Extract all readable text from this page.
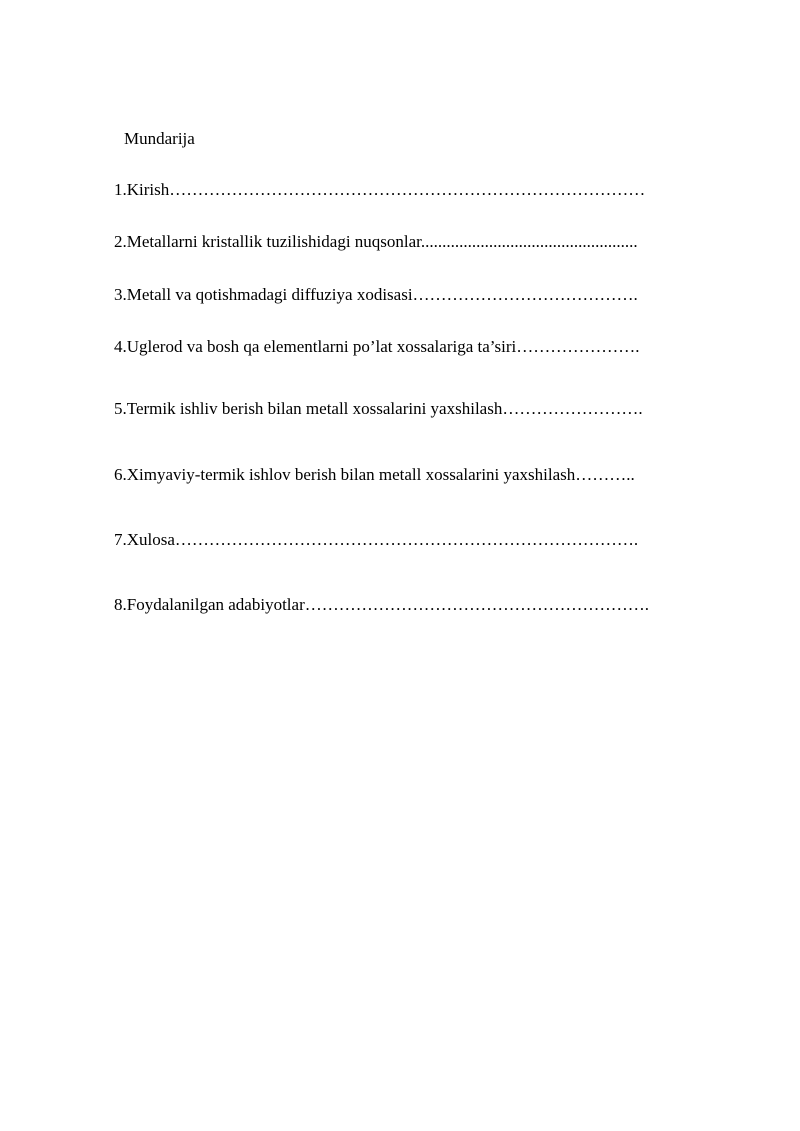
Mundarija
1.Kirish…………………………………………………………………………
2.Metallarni kristallik tuzilishidagi nuqsonlar...................................................
3.Metall va qotishmadagi diffuziya xodisasi………………………………….
4.Uglerod va bosh qa elementlarni po’lat xossalariga ta’siri………………….
5.Termik ishliv berish bilan metall xossalarini yaxshilash…………………….
6.Ximyaviy-termik ishlov berish bilan metall xossalarini yaxshilash………..
7.Xulosa……………………………………………………………………….
8.Foydalanilgan adabiyotlar…………………………………………………….
